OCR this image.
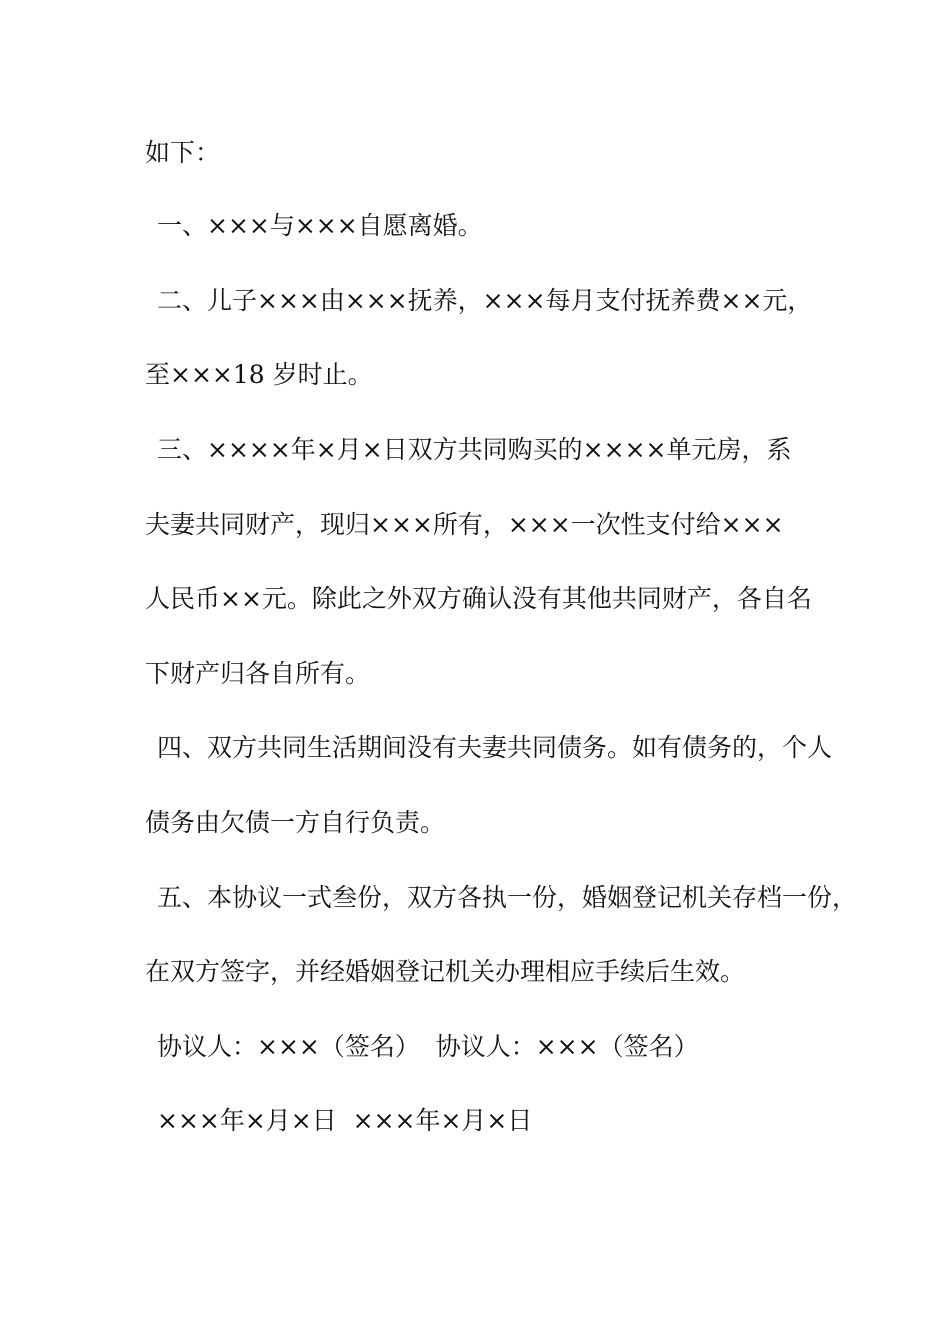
如下：

一、×××与×××自愿离婚。

二、儿子×××由×××抚养，×××每月支付抚养费××元，

至×××18 岁时止。

三、××××年×月×日双方共同购买的××××单元房，系

夫妻共同财产，现归×××所有，×××一次性支付给×××

人民币××元。除此之外双方确认没有其他共同财产，各自名

下财产归各自所有。

四、双方共同生活期间没有夫妻共同债务。如有债务的，个人

债务由欠债一方自行负责。

五、本协议一式叁份，双方各执一份，婚姻登记机关存档一份，

在双方签字，并经婚姻登记机关办理相应手续后生效。

协议人：×××（签名）  协议人：×××（签名）

×××年×月×日  ×××年×月×日
